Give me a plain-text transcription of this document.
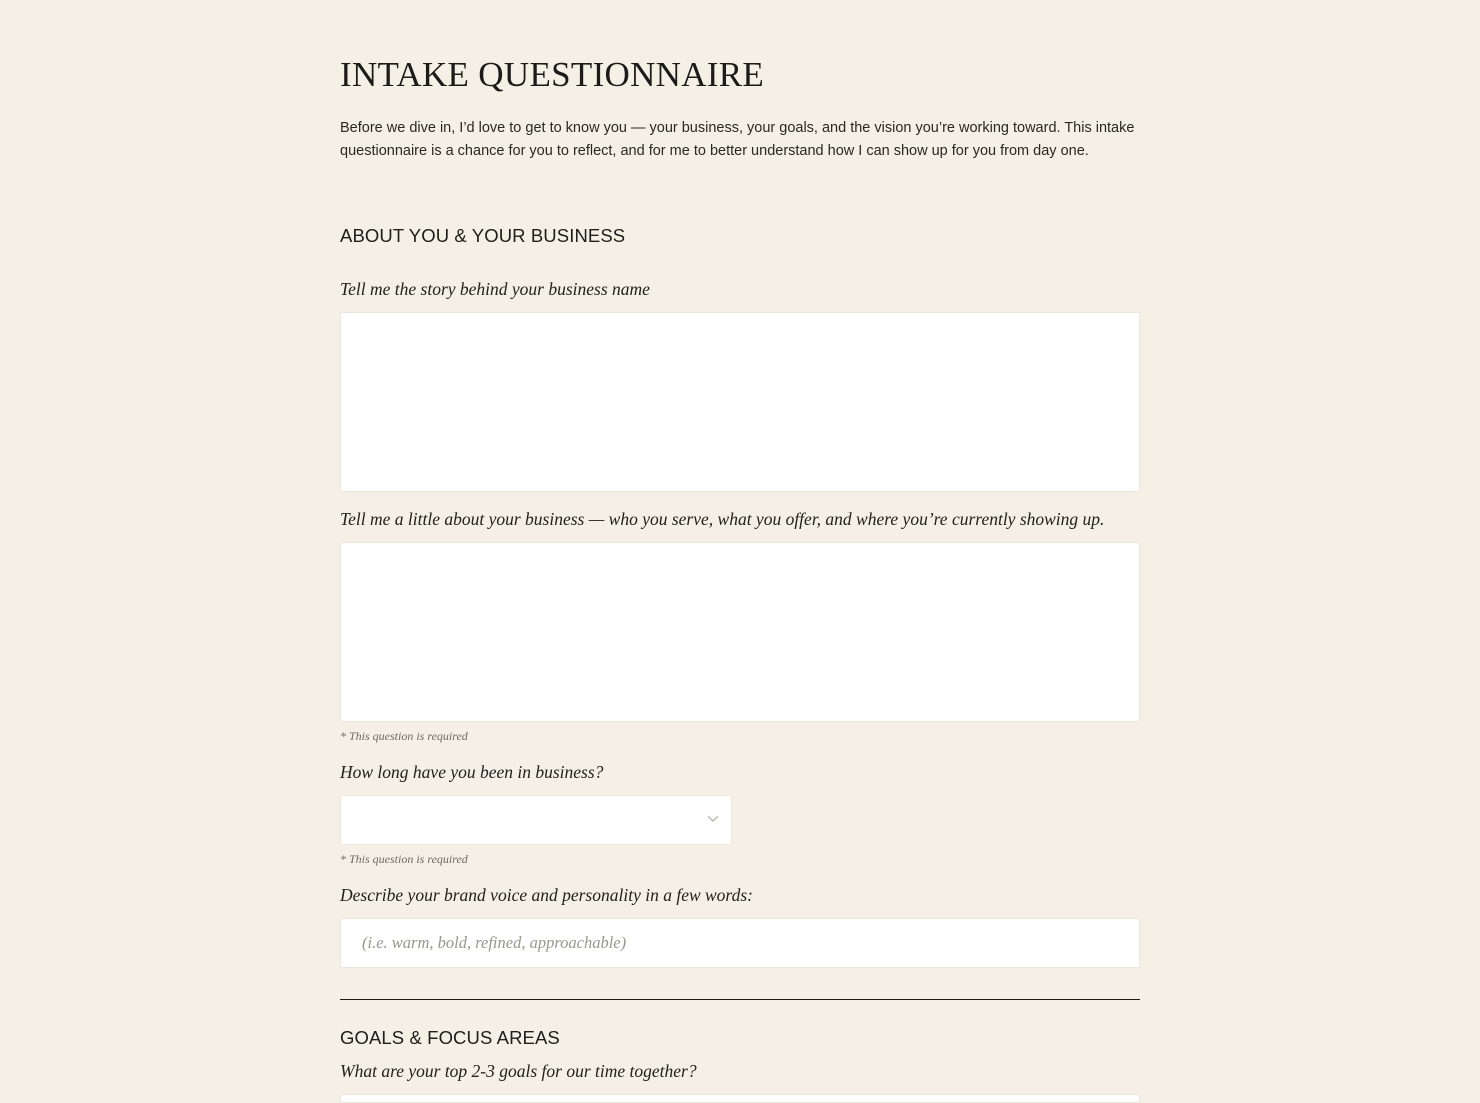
INTAKE QUESTIONNAIRE

Before we dive in, I’d love to get to know you — your business, your goals, and the vision you’re working toward. This intake questionnaire is a chance for you to reflect, and for me to better understand how I can show up for you from day one.

ABOUT YOU & YOUR BUSINESS

Tell me the story behind your business name

Tell me a little about your business — who you serve, what you offer, and where you’re currently showing up.

* This question is required

How long have you been in business?

* This question is required

Describe your brand voice and personality in a few words:

(i.e. warm, bold, refined, approachable)
GOALS & FOCUS AREAS

What are your top 2-3 goals for our time together?
